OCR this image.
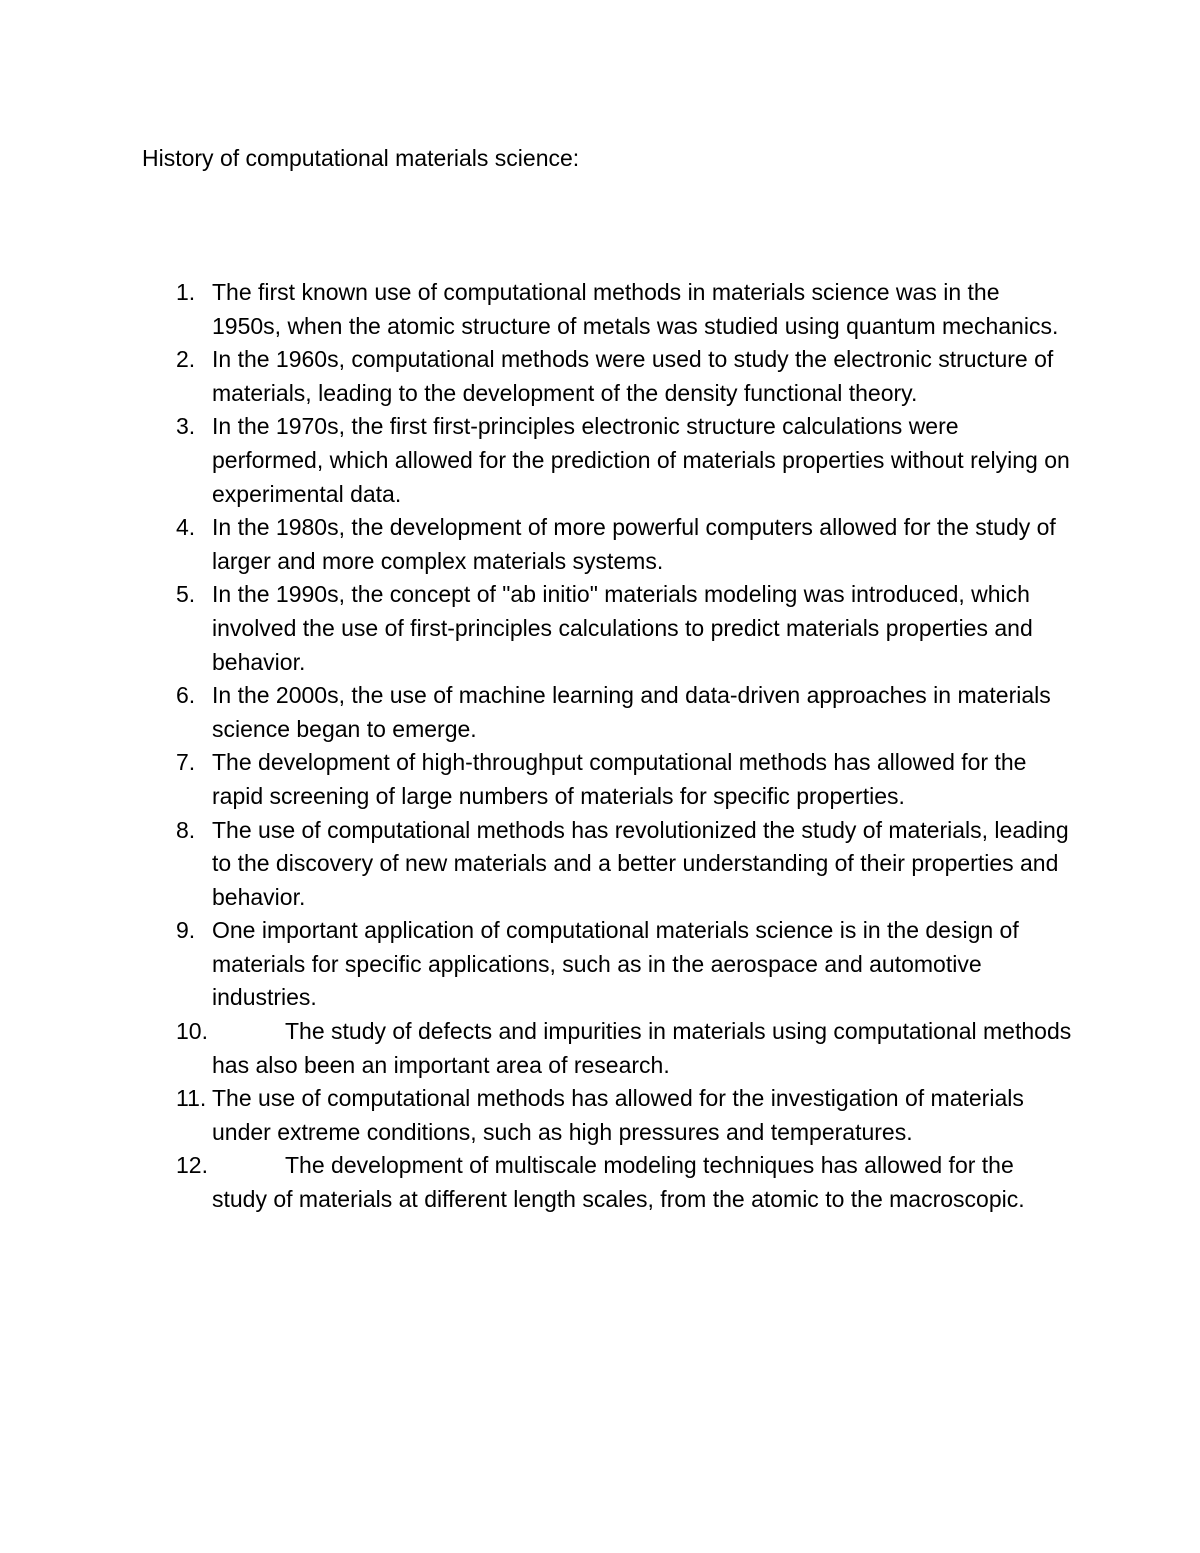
History of computational materials science:
1. The first known use of computational methods in materials science was in the 1950s, when the atomic structure of metals was studied using quantum mechanics.
2. In the 1960s, computational methods were used to study the electronic structure of materials, leading to the development of the density functional theory.
3. In the 1970s, the first first-principles electronic structure calculations were performed, which allowed for the prediction of materials properties without relying on experimental data.
4. In the 1980s, the development of more powerful computers allowed for the study of larger and more complex materials systems.
5. In the 1990s, the concept of "ab initio" materials modeling was introduced, which involved the use of first-principles calculations to predict materials properties and behavior.
6. In the 2000s, the use of machine learning and data-driven approaches in materials science began to emerge.
7. The development of high-throughput computational methods has allowed for the rapid screening of large numbers of materials for specific properties.
8. The use of computational methods has revolutionized the study of materials, leading to the discovery of new materials and a better understanding of their properties and behavior.
9. One important application of computational materials science is in the design of materials for specific applications, such as in the aerospace and automotive industries.
10.	The study of defects and impurities in materials using computational methods has also been an important area of research.
11. The use of computational methods has allowed for the investigation of materials under extreme conditions, such as high pressures and temperatures.
12.	The development of multiscale modeling techniques has allowed for the study of materials at different length scales, from the atomic to the macroscopic.
